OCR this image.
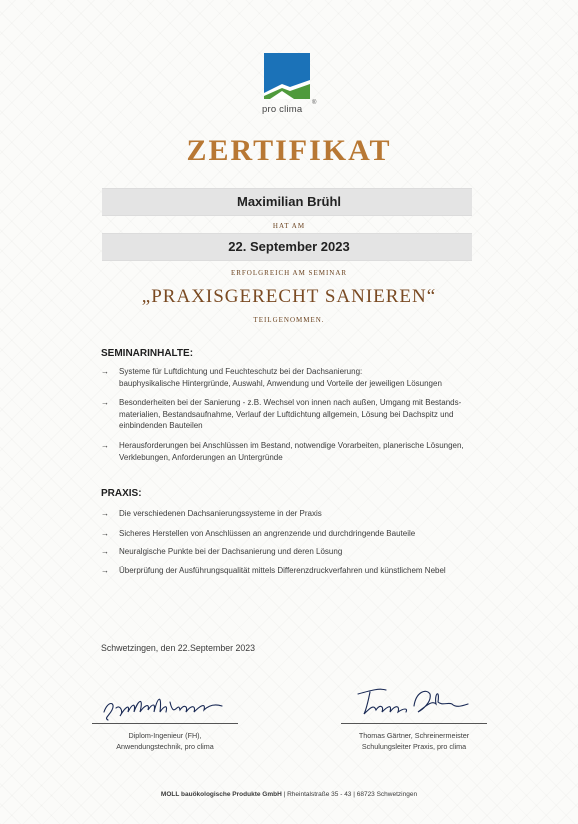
pro clima
®
ZERTIFIKAT
Maximilian Brühl
HAT AM
22. September 2023
ERFOLGREICH AM SEMINAR
„PRAXISGERECHT SANIEREN“
TEILGENOMMEN.
SEMINARINHALTE:
→	Systeme für Luftdichtung und Feuchteschutz bei der Dachsanierung:
bauphysikalische Hintergründe, Auswahl, Anwendung und Vorteile der jeweiligen Lösungen
→	Besonderheiten bei der Sanierung - z.B. Wechsel von innen nach außen, Umgang mit Bestands-
materialien, Bestandsaufnahme, Verlauf der Luftdichtung allgemein, Lösung bei Dachspitz und
einbindenden Bauteilen
→	Herausforderungen bei Anschlüssen im Bestand, notwendige Vorarbeiten, planerische Lösungen,
Verklebungen, Anforderungen an Untergründe
PRAXIS:
→	Die verschiedenen Dachsanierungssysteme in der Praxis
→	Sicheres Herstellen von Anschlüssen an angrenzende und durchdringende Bauteile
→	Neuralgische Punkte bei der Dachsanierung und deren Lösung
→	Überprüfung der Ausführungsqualität mittels Differenzdruckverfahren und künstlichem Nebel
Schwetzingen, den 22.September 2023
Diplom-Ingenieur (FH),
Anwendungstechnik, pro clima
Thomas Gärtner, Schreinermeister
Schulungsleiter Praxis, pro clima
MOLL bauökologische Produkte GmbH | Rheintalstraße 35 - 43 | 68723 Schwetzingen
